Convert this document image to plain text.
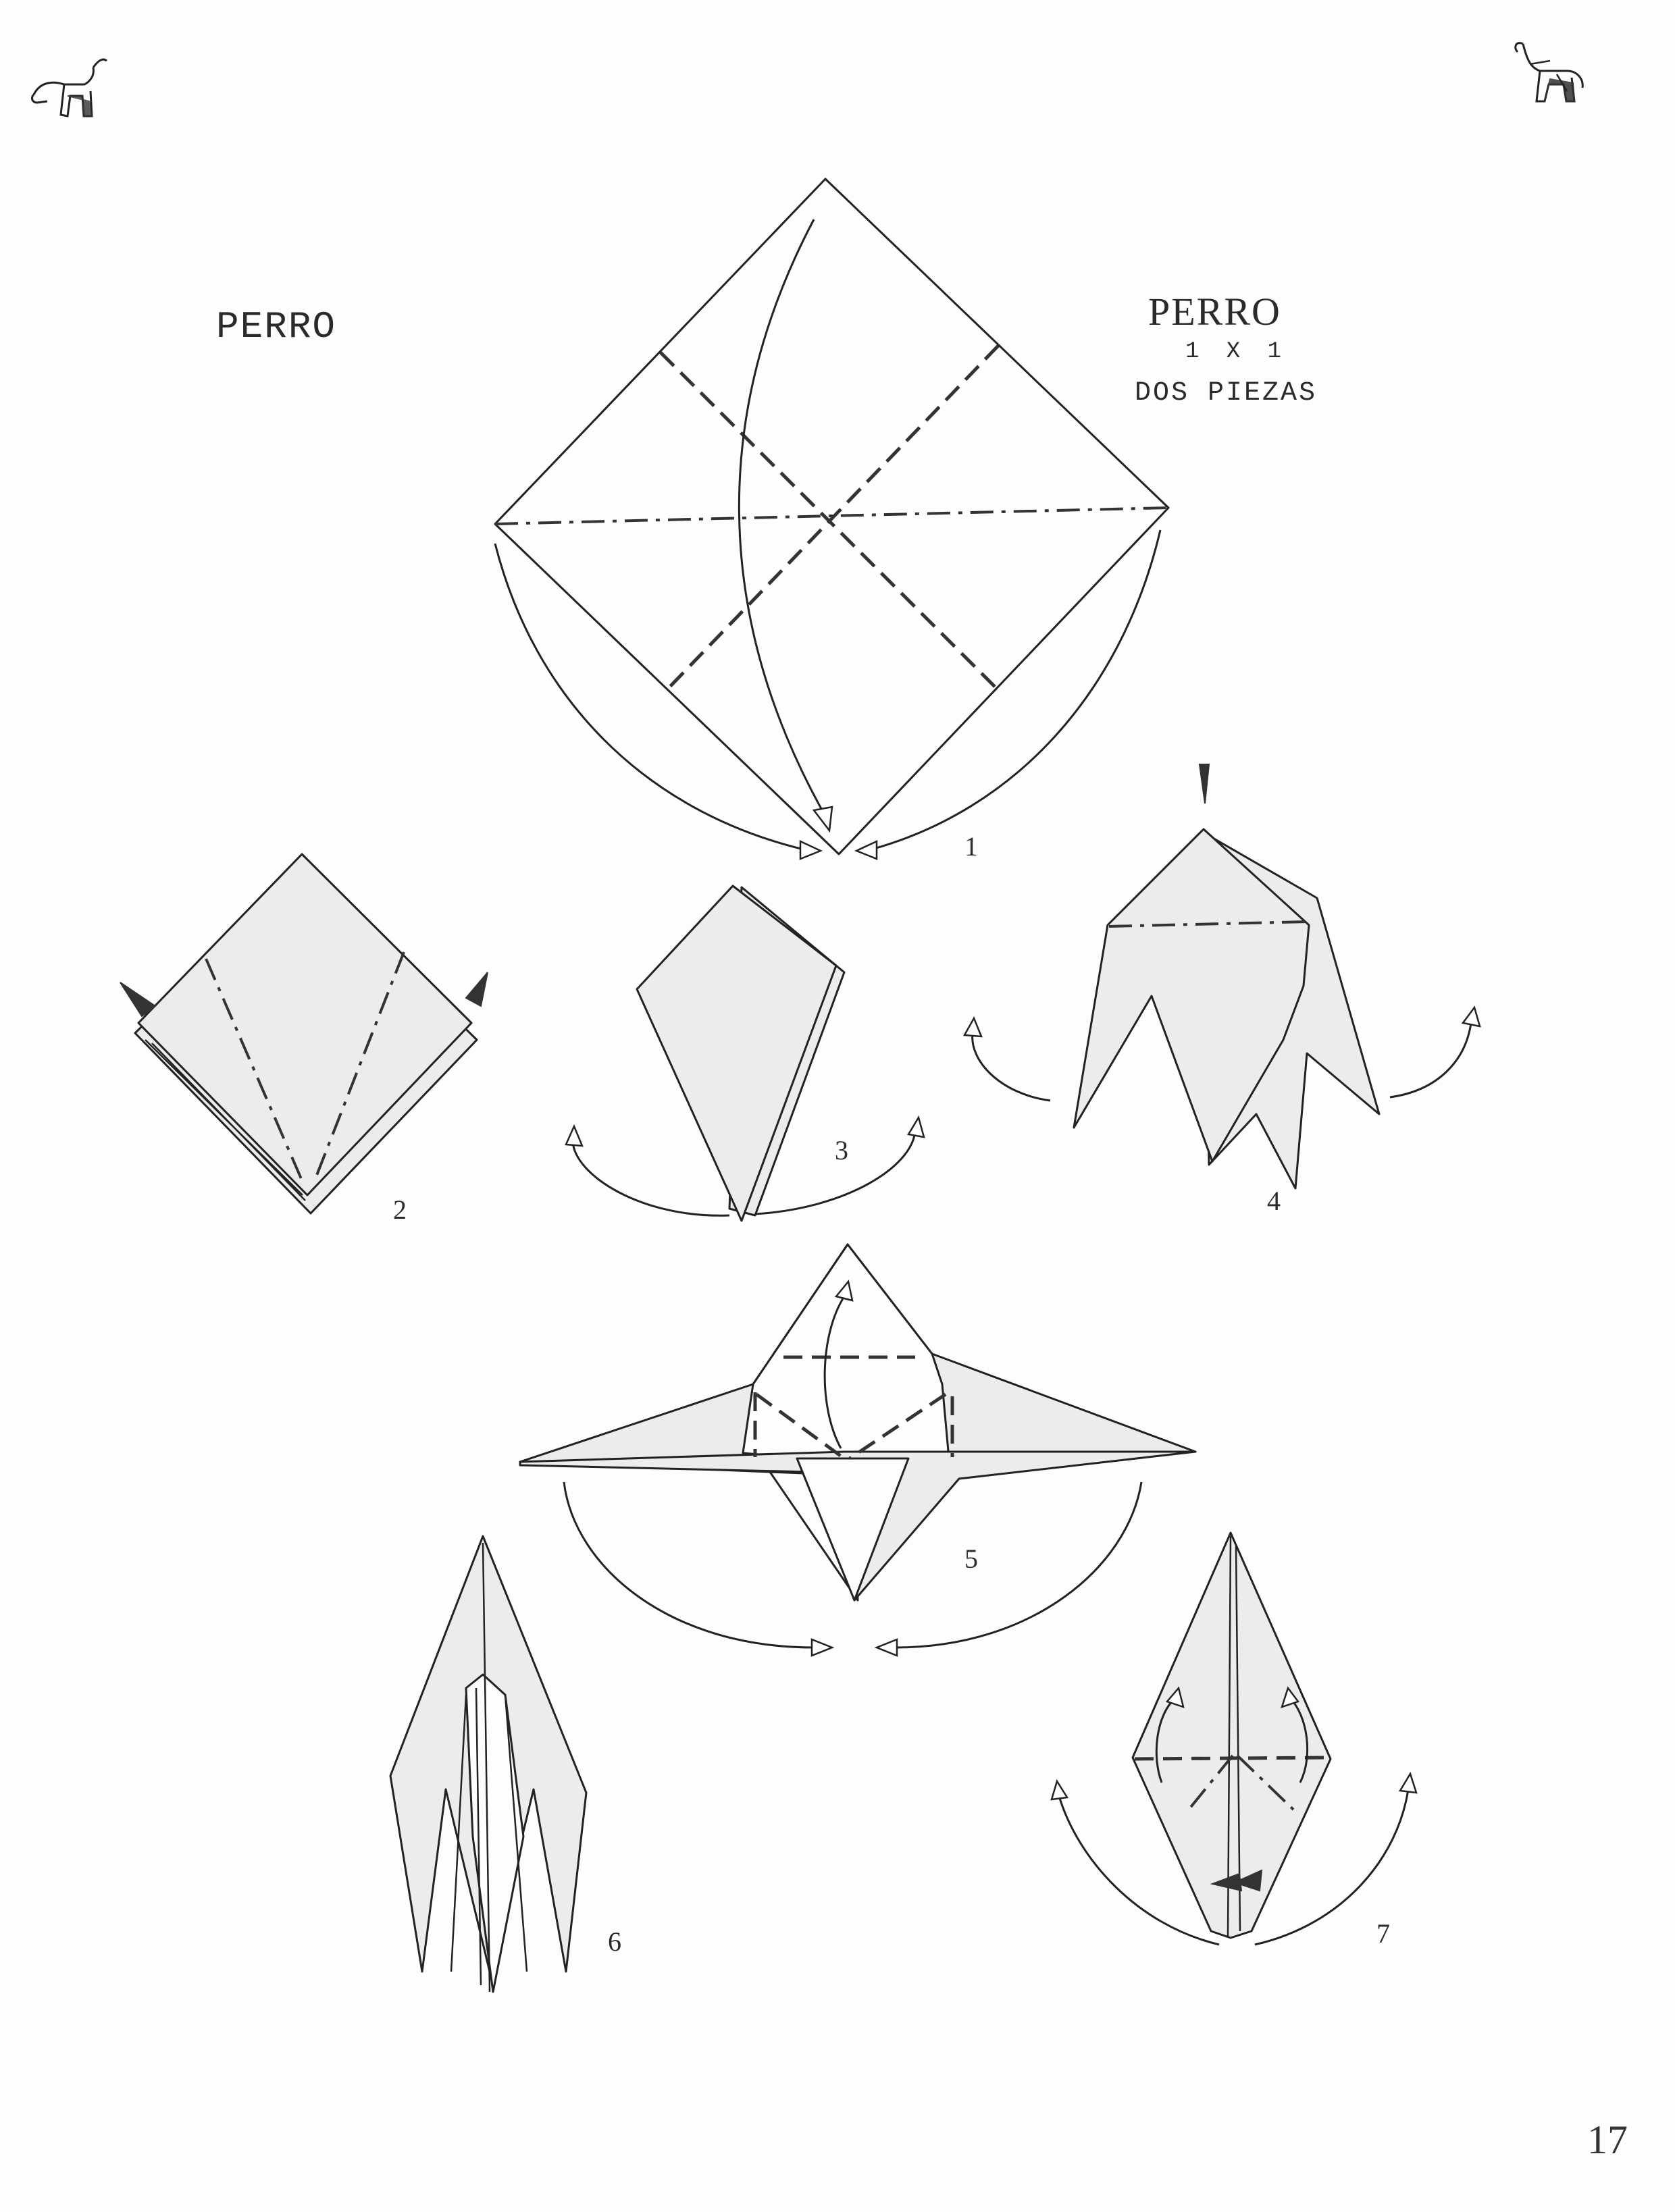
PERRO	PERRO
1 X 1
DOS PIEZAS
1
2
3
4
5
6	7
17
